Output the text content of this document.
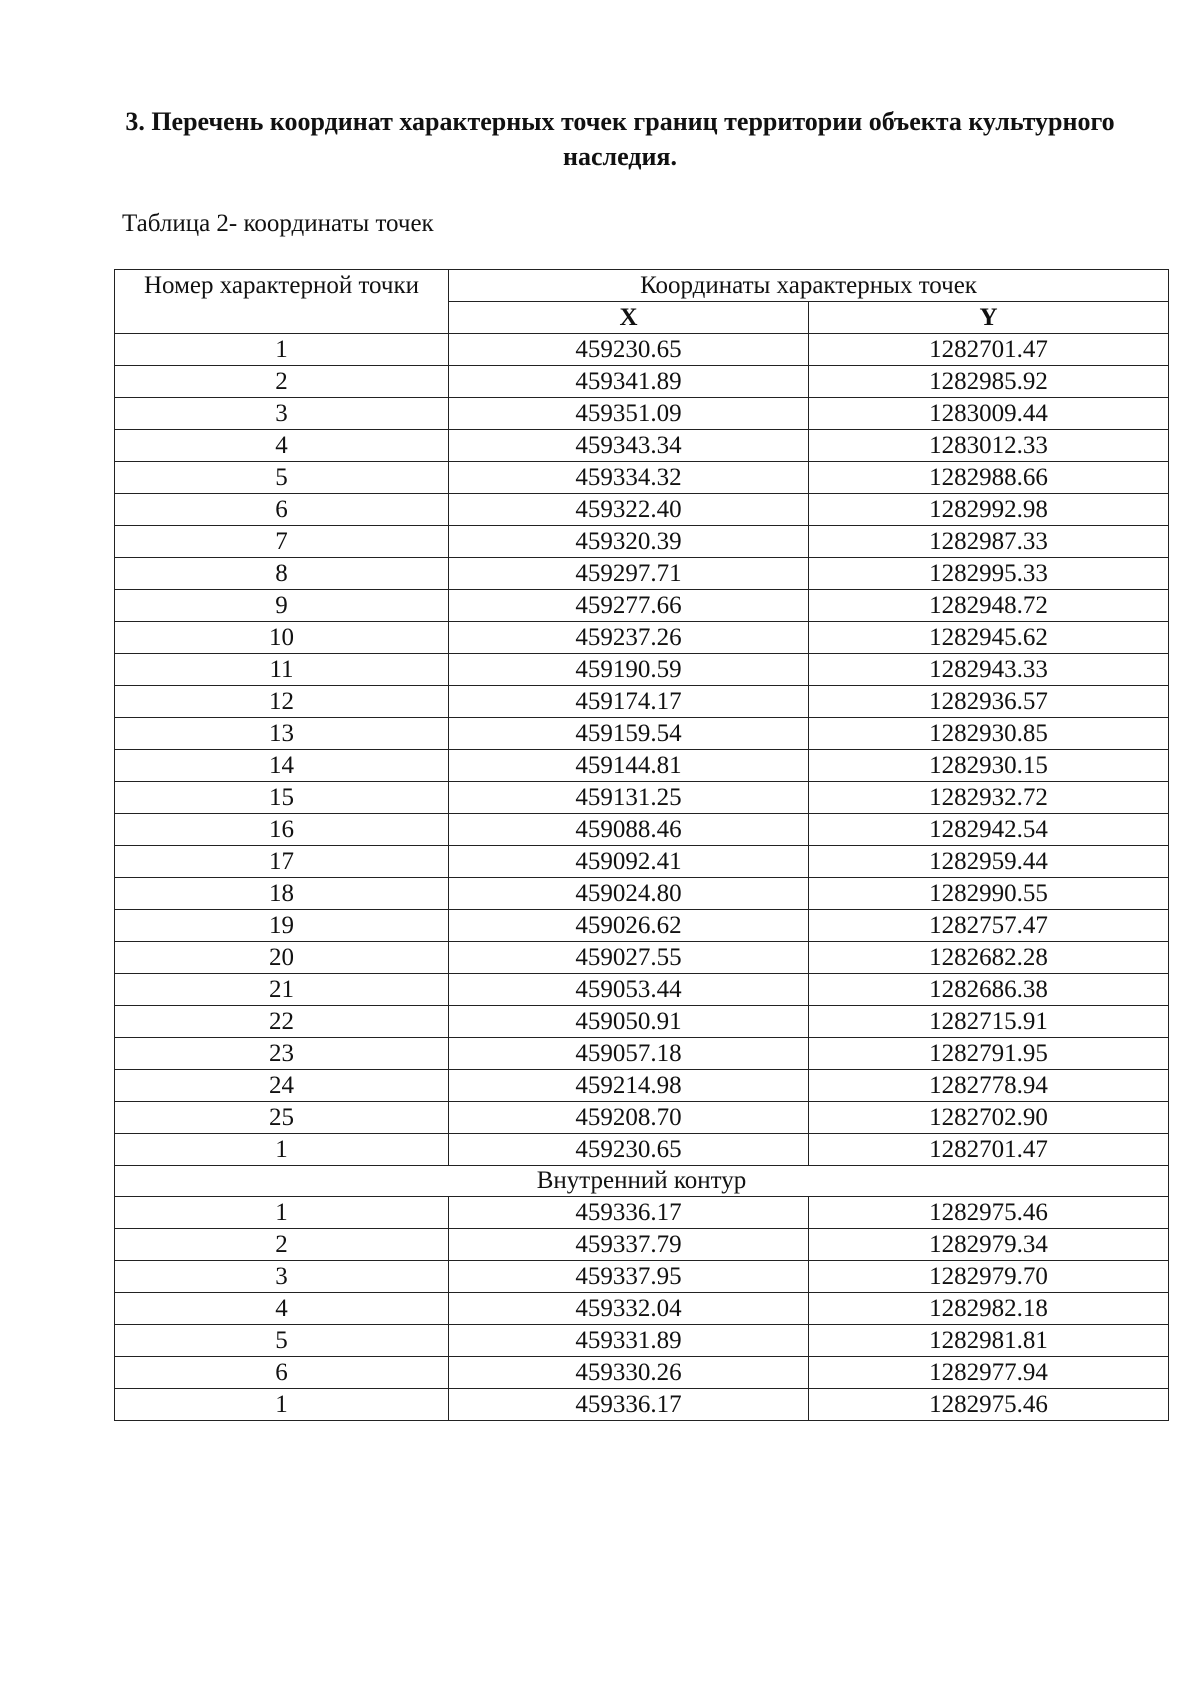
3. Перечень координат характерных точек границ территории объекта культурного наследия.

Таблица 2- координаты точек

Номер характерной точки	Координаты характерных точек	
	X	Y
1	459230.65	1282701.47
2	459341.89	1282985.92
3	459351.09	1283009.44
4	459343.34	1283012.33
5	459334.32	1282988.66
6	459322.40	1282992.98
7	459320.39	1282987.33
8	459297.71	1282995.33
9	459277.66	1282948.72
10	459237.26	1282945.62
11	459190.59	1282943.33
12	459174.17	1282936.57
13	459159.54	1282930.85
14	459144.81	1282930.15
15	459131.25	1282932.72
16	459088.46	1282942.54
17	459092.41	1282959.44
18	459024.80	1282990.55
19	459026.62	1282757.47
20	459027.55	1282682.28
21	459053.44	1282686.38
22	459050.91	1282715.91
23	459057.18	1282791.95
24	459214.98	1282778.94
25	459208.70	1282702.90
1	459230.65	1282701.47
Внутренний контур		
1	459336.17	1282975.46
2	459337.79	1282979.34
3	459337.95	1282979.70
4	459332.04	1282982.18
5	459331.89	1282981.81
6	459330.26	1282977.94
1	459336.17	1282975.46
